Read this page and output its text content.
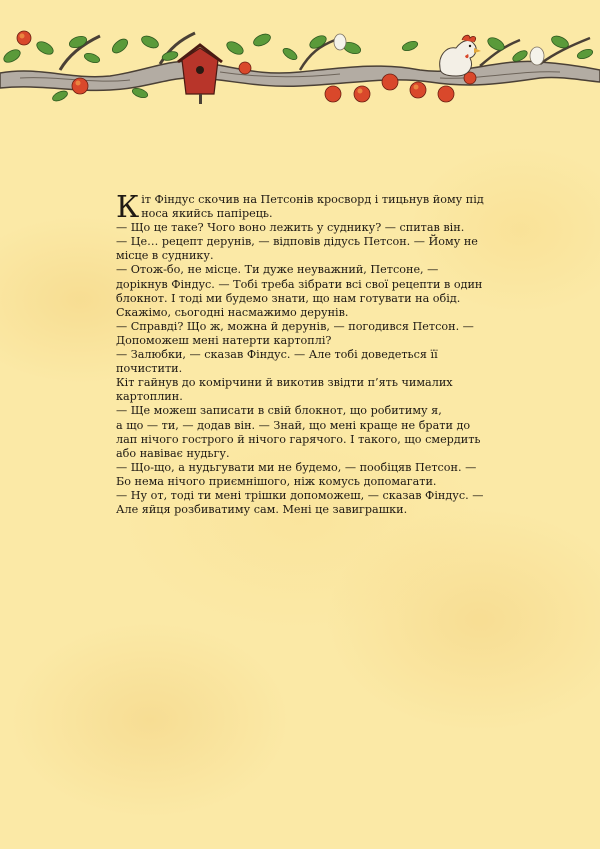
К іт Фіндус скочив на Петсонів кросворд і тицьнув йому під носа якийсь папірець.

— Що це таке? Чого воно лежить у суднику? — спитав він.

— Це… рецепт дерунів, — відповів дідусь Петсон. — Йому не місце в суднику.

— Отож-бо, не місце. Ти дуже неуважний, Петсоне, — дорікнув Фіндус. — Тобі треба зібрати всі свої рецепти в один блокнот. І тоді ми будемо знати, що нам готувати на обід. Скажімо, сьогодні насмажимо дерунів.

— Справді? Що ж, можна й дерунів, — погодився Петсон. — Допоможеш мені натерти картоплі?

— Залюбки, — сказав Фіндус. — Але тобі доведеться її почистити.

Кіт гайнув до комірчини й викотив звідти п’ять чималих картоплин.

— Ще можеш записати в свій блокнот, що робитиму я,

а що — ти, — додав він. — Знай, що мені краще не брати до лап нічого гострого й нічого гарячого. І такого, що смердить або навіває нудьгу.

— Що-що, а нудьгувати ми не будемо, — пообіцяв Петсон. — Бо нема нічого приємнішого, ніж комусь допомагати.

— Ну от, тоді ти мені трішки допоможеш, — сказав Фіндус. — Але яйця розбиватиму сам. Мені це завиграшки.
